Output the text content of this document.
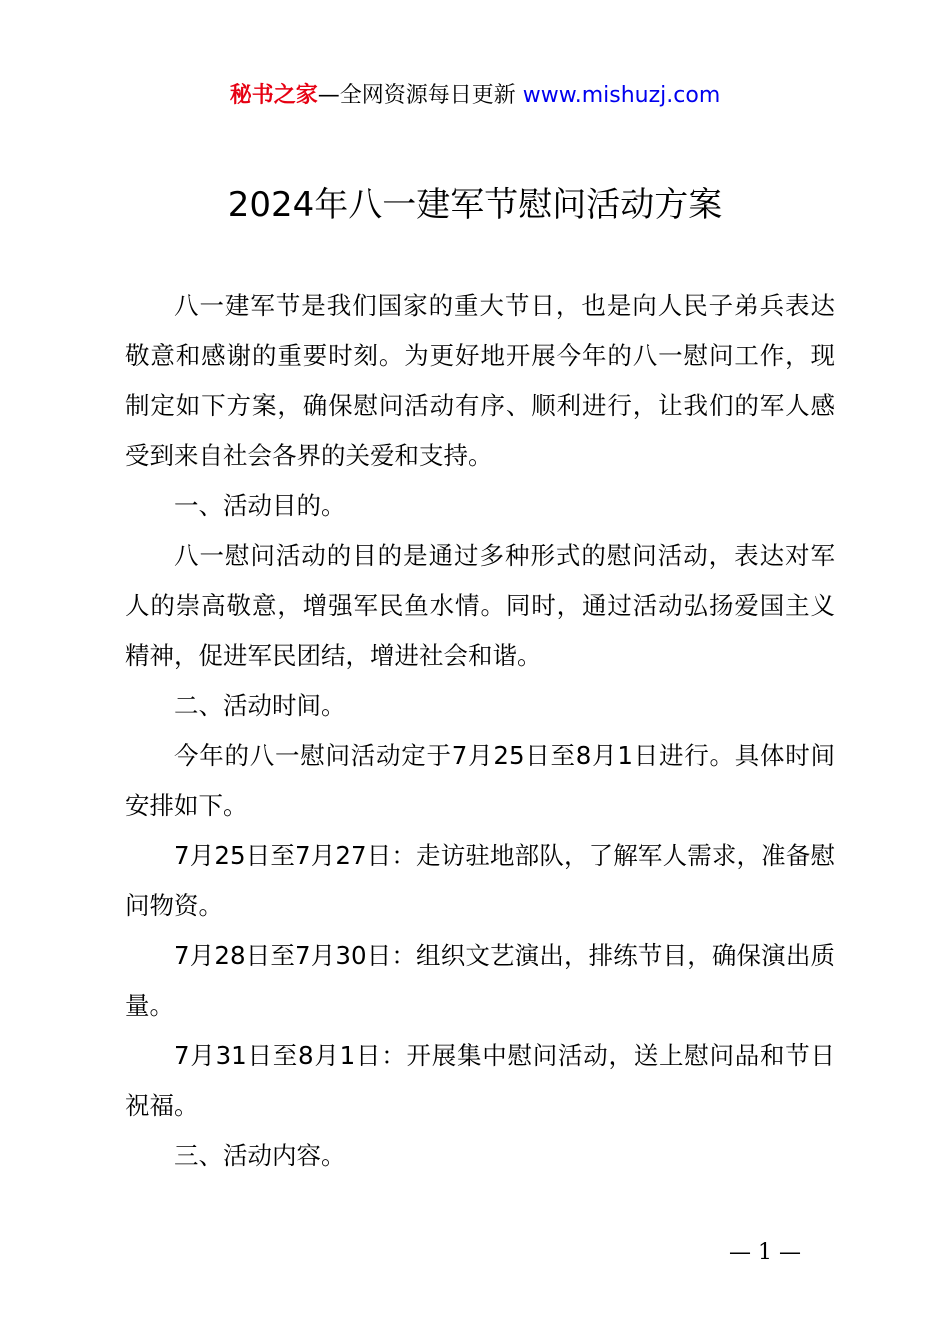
秘书之家—全网资源每日更新 www.mishuzj.com
2024年八一建军节慰问活动方案

八一建军节是我们国家的重大节日，也是向人民子弟兵表达敬意和感谢的重要时刻。为更好地开展今年的八一慰问工作，现制定如下方案，确保慰问活动有序、顺利进行，让我们的军人感受到来自社会各界的关爱和支持。

一、活动目的。

八一慰问活动的目的是通过多种形式的慰问活动，表达对军人的崇高敬意，增强军民鱼水情。同时，通过活动弘扬爱国主义精神，促进军民团结，增进社会和谐。

二、活动时间。

今年的八一慰问活动定于7月25日至8月1日进行。具体时间安排如下。

7月25日至7月27日：走访驻地部队，了解军人需求，准备慰问物资。

7月28日至7月30日：组织文艺演出，排练节目，确保演出质量。

7月31日至8月1日：开展集中慰问活动，送上慰问品和节日祝福。

三、活动内容。

— 1 —
